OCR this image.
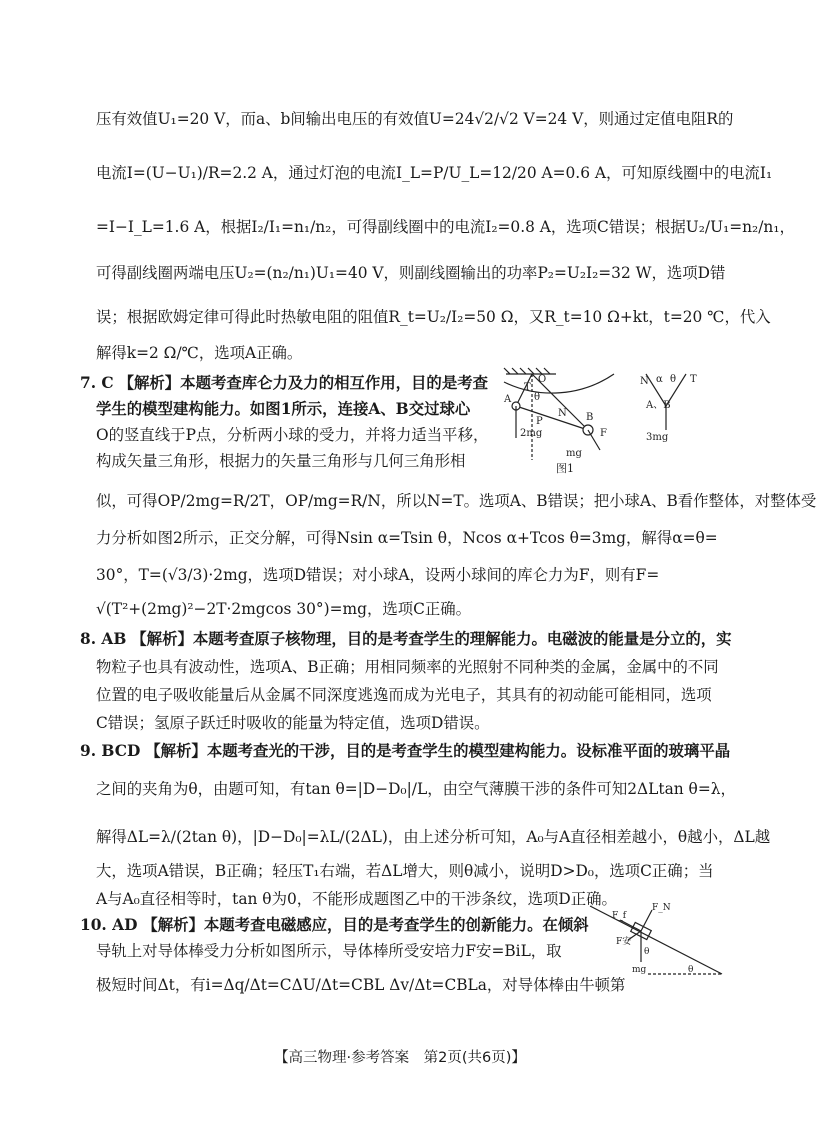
压有效值U₁=20 V，而a、b间输出电压的有效值U=24√2/√2 V=24 V，则通过定值电阻R的
电流I=(U−U₁)/R=2.2 A，通过灯泡的电流I_L=P/U_L=12/20 A=0.6 A，可知原线圈中的电流I₁
=I−I_L=1.6 A，根据I₂/I₁=n₁/n₂，可得副线圈中的电流I₂=0.8 A，选项C错误；根据U₂/U₁=n₂/n₁，
可得副线圈两端电压U₂=(n₂/n₁)U₁=40 V，则副线圈输出的功率P₂=U₂I₂=32 W，选项D错
误；根据欧姆定律可得此时热敏电阻的阻值R_t=U₂/I₂=50 Ω，又R_t=10 Ω+kt，t=20 ℃，代入
解得k=2 Ω/℃，选项A正确。
7. C 【解析】本题考查库仑力及力的相互作用，目的是考查
学生的模型建构能力。如图1所示，连接A、B交过球心
O的竖直线于P点，分析两小球的受力，并将力适当平移，
构成矢量三角形，根据力的矢量三角形与几何三角形相
似，可得OP/2mg=R/2T，OP/mg=R/N，所以N=T。选项A、B错误；把小球A、B看作整体，对整体受
力分析如图2所示，正交分解，可得Nsin α=Tsin θ，Ncos α+Tcos θ=3mg，解得α=θ=
30°，T=(√3/3)·2mg，选项D错误；对小球A，设两小球间的库仑力为F，则有F=
√(T²+(2mg)²−2T·2mgcos 30°)=mg，选项C正确。
T
O
A θ
P
N B
2mg	F
mg
图1
N α θ T
A、B
3mg
8. AB 【解析】本题考查原子核物理，目的是考查学生的理解能力。电磁波的能量是分立的，实
物粒子也具有波动性，选项A、B正确；用相同频率的光照射不同种类的金属，金属中的不同
位置的电子吸收能量后从金属不同深度逃逸而成为光电子，其具有的初动能可能相同，选项
C错误；氢原子跃迁时吸收的能量为特定值，选项D错误。
9. BCD 【解析】本题考查光的干涉，目的是考查学生的模型建构能力。设标准平面的玻璃平晶
之间的夹角为θ，由题可知，有tan θ=|D−D₀|/L，由空气薄膜干涉的条件可知2ΔLtan θ=λ，
解得ΔL=λ/(2tan θ)，|D−D₀|=λL/(2ΔL)，由上述分析可知，A₀与A直径相差越小，θ越小，ΔL越
大，选项A错误，B正确；轻压T₁右端，若ΔL增大，则θ减小，说明D>D₀，选项C正确；当
A与A₀直径相等时，tan θ为0，不能形成题图乙中的干涉条纹，选项D正确。
10. AD 【解析】本题考查电磁感应，目的是考查学生的创新能力。在倾斜
导轨上对导体棒受力分析如图所示，导体棒所受安培力F安=BiL，取
极短时间Δt，有i=Δq/Δt=CΔU/Δt=CBL Δv/Δt=CBLa，对导体棒由牛顿第
F_f
F_N
F安
θ
mg	θ
【高三物理·参考答案　第2页(共6页)】
